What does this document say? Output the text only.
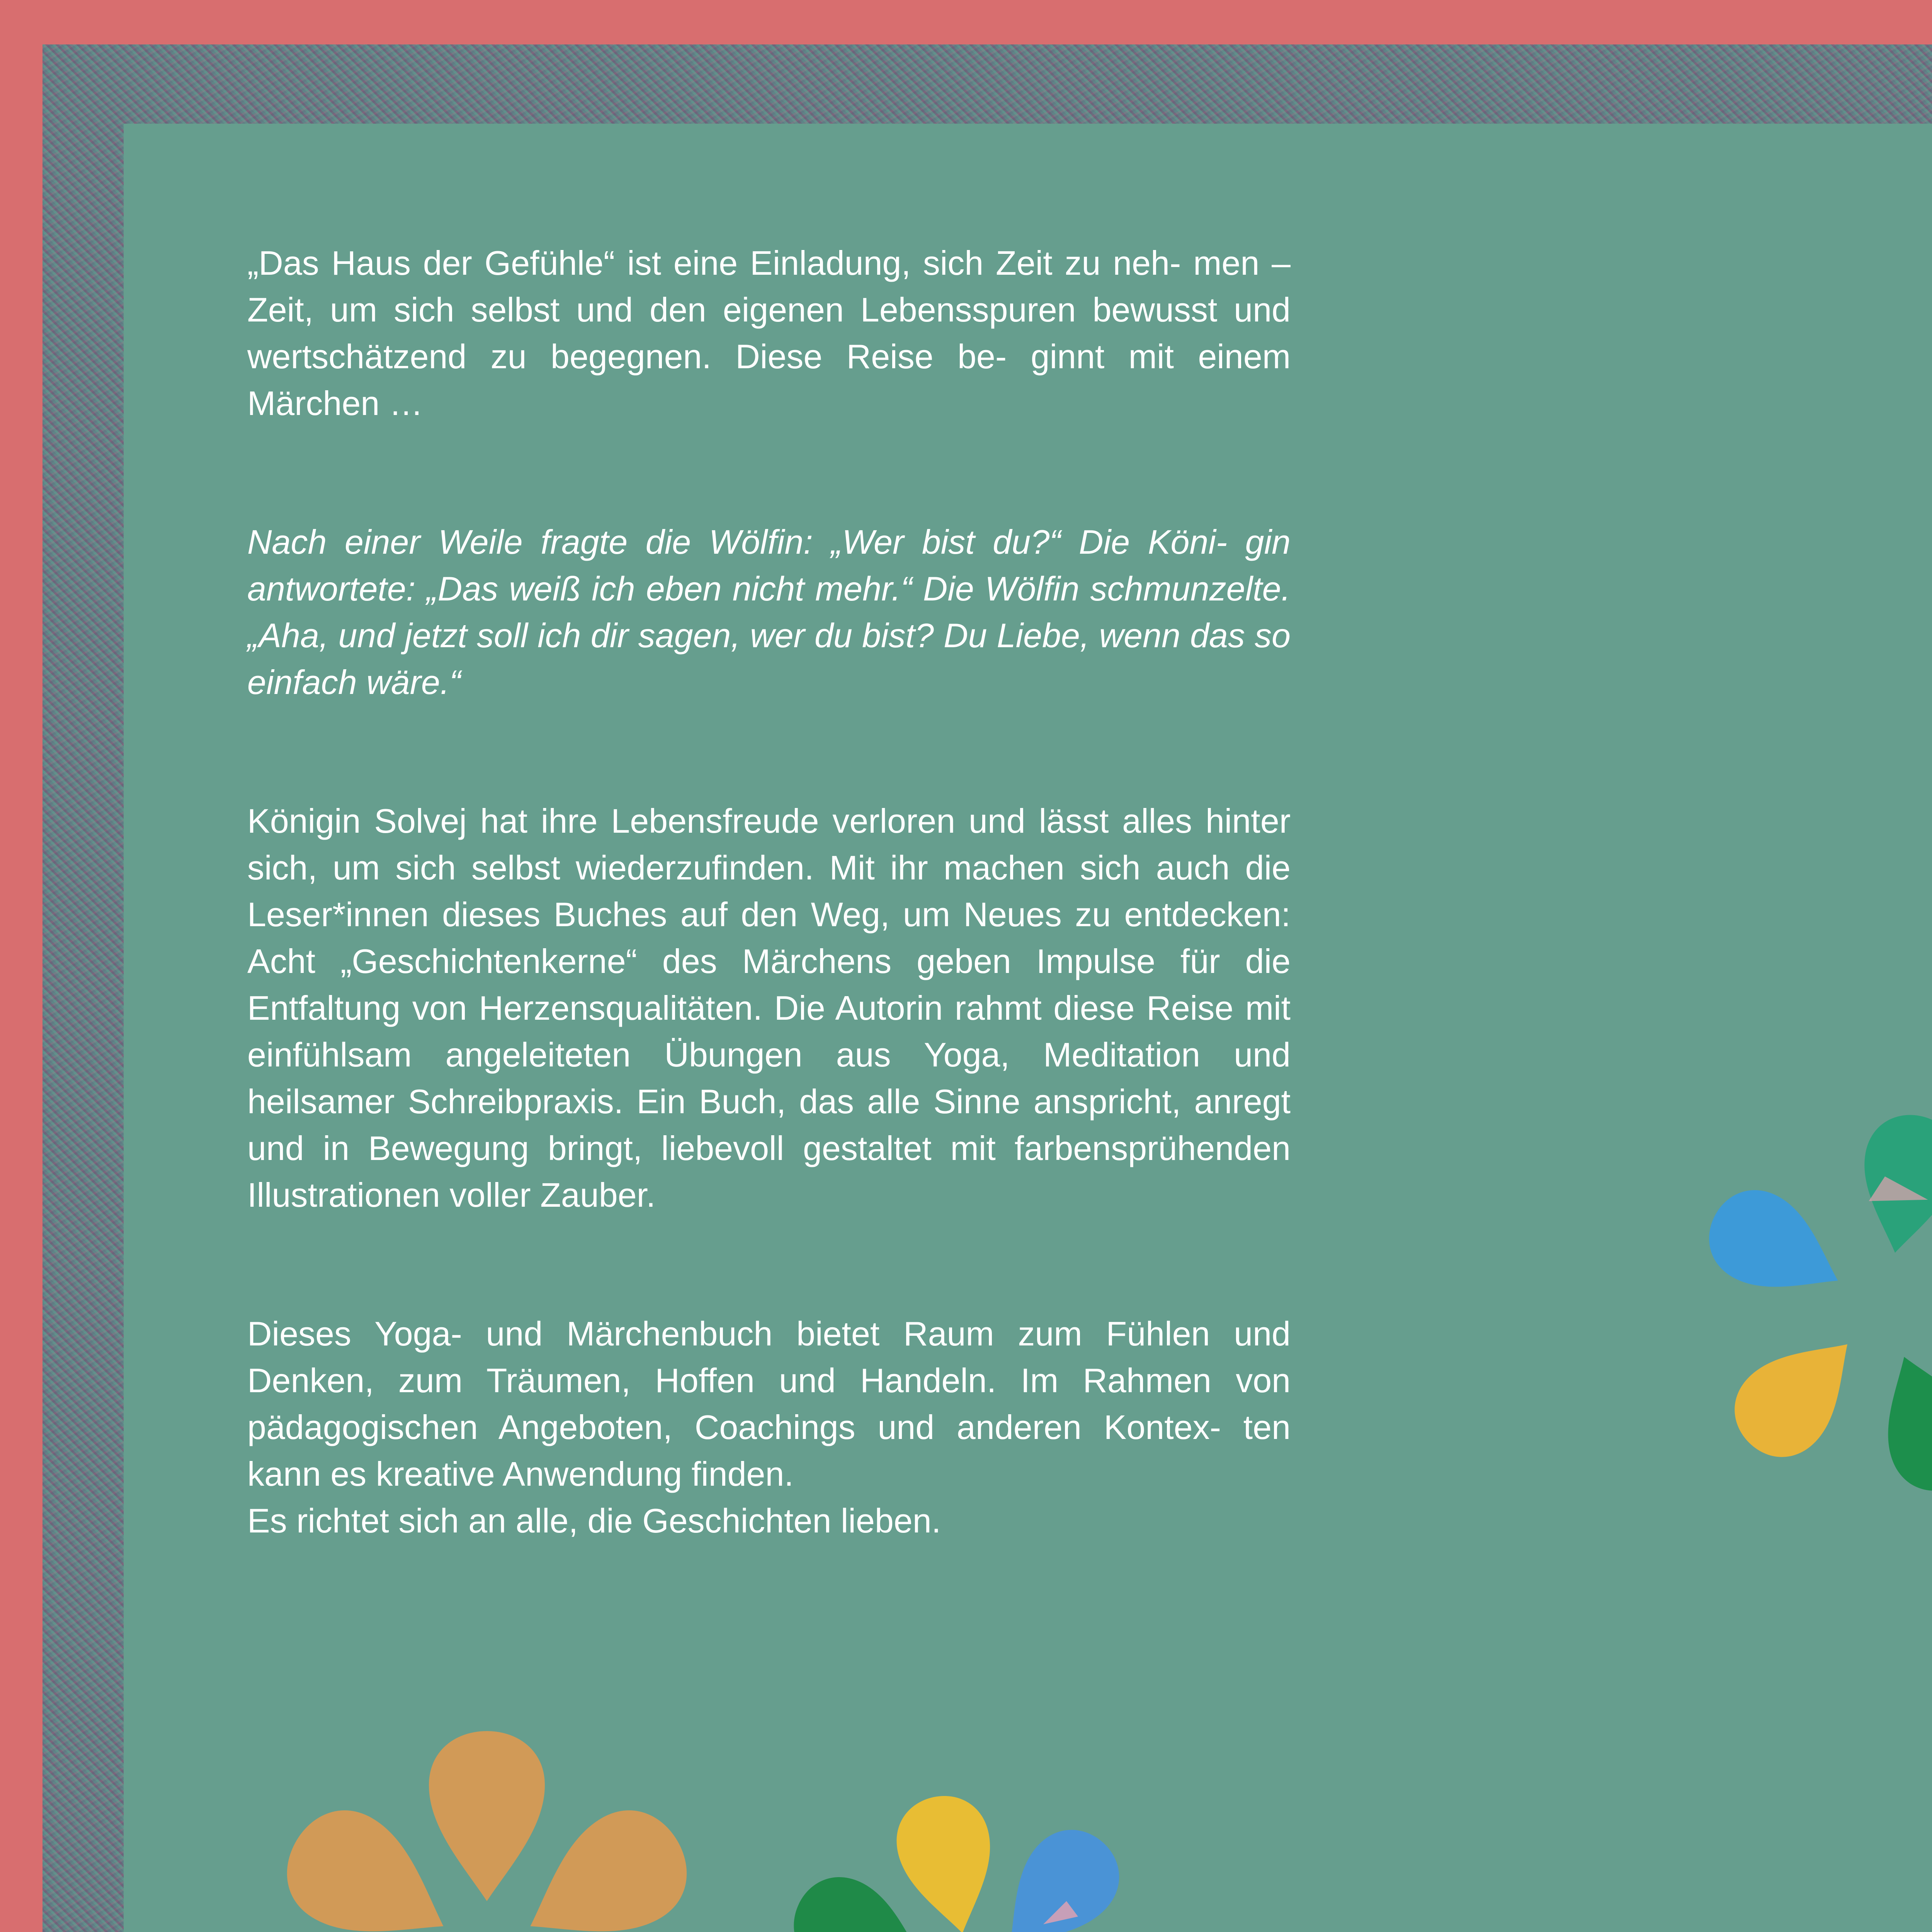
„Das Haus der Gefühle“ ist eine Einladung, sich Zeit zu neh- men – Zeit, um sich selbst und den eigenen Lebensspuren bewusst und wertschätzend zu begegnen. Diese Reise be- ginnt mit einem Märchen …

Nach einer Weile fragte die Wölfin: „Wer bist du?“ Die Köni- gin antwortete: „Das weiß ich eben nicht mehr.“ Die Wölfin schmunzelte. „Aha, und jetzt soll ich dir sagen, wer du bist? Du Liebe, wenn das so einfach wäre.“

Königin Solvej hat ihre Lebensfreude verloren und lässt alles hinter sich, um sich selbst wiederzufinden. Mit ihr machen sich auch die Leser*innen dieses Buches auf den Weg, um Neues zu entdecken: Acht „Geschichtenkerne“ des Märchens geben Impulse für die Entfaltung von Herzensqualitäten. Die Autorin rahmt diese Reise mit einfühlsam angeleiteten Übungen aus Yoga, Meditation und heilsamer Schreibpraxis. Ein Buch, das alle Sinne anspricht, anregt und in Bewegung bringt, liebevoll gestaltet mit farbensprühenden Illustrationen voller Zauber.

Dieses Yoga- und Märchenbuch bietet Raum zum Fühlen und Denken, zum Träumen, Hoffen und Handeln. Im Rahmen von pädagogischen Angeboten, Coachings und anderen Kontex- ten kann es kreative Anwendung finden.

Es richtet sich an alle, die Geschichten lieben.
